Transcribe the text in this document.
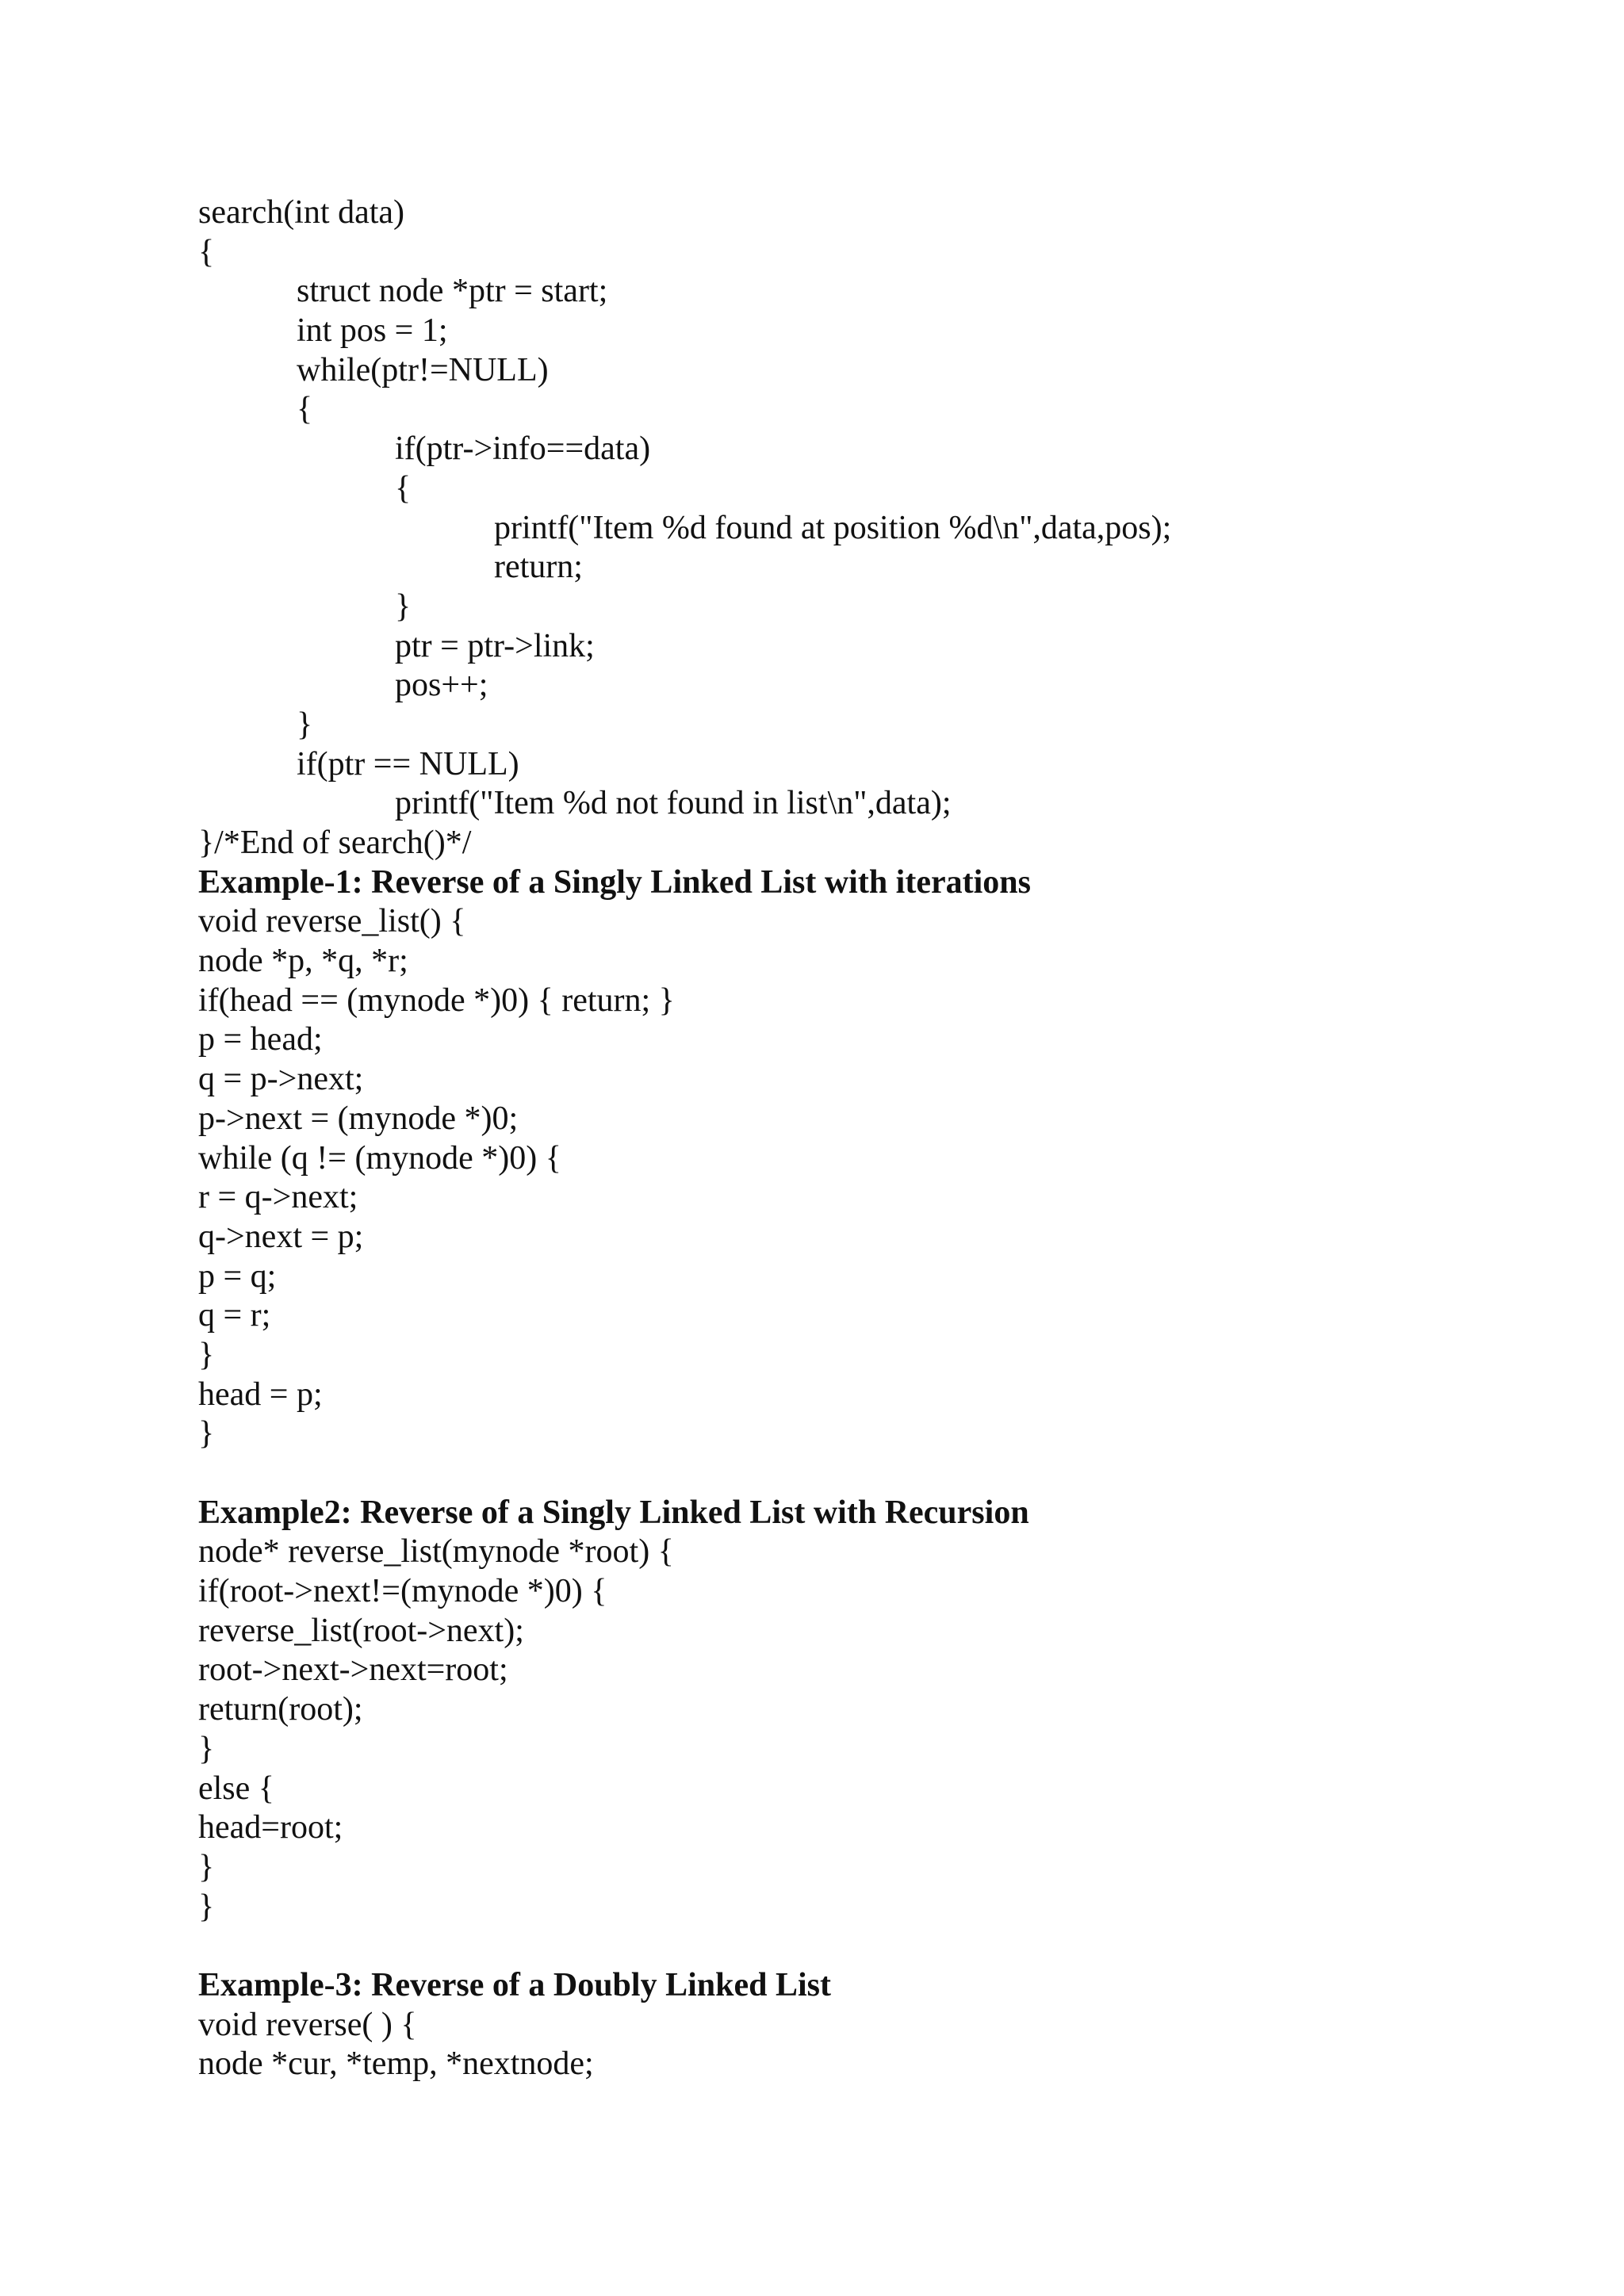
search(int data)
{
struct node *ptr = start;
int pos = 1;
while(ptr!=NULL)
{
if(ptr->info==data)
{
printf("Item %d found at position %d\n",data,pos);
return;
}
ptr = ptr->link;
pos++;
}
if(ptr == NULL)
printf("Item %d not found in list\n",data);
}/*End of search()*/
Example-1: Reverse of a Singly Linked List with iterations
void reverse_list() {
node *p, *q, *r;
if(head == (mynode *)0) { return; }
p = head;
q = p->next;
p->next = (mynode *)0;
while (q != (mynode *)0) {
r = q->next;
q->next = p;
p = q;
q = r;
}
head = p;
}
Example2: Reverse of a Singly Linked List with Recursion
node* reverse_list(mynode *root) {
if(root->next!=(mynode *)0) {
reverse_list(root->next);
root->next->next=root;
return(root);
}
else {
head=root;
}
}
Example-3: Reverse of a Doubly Linked List
void reverse( ) {
node *cur, *temp, *nextnode;
